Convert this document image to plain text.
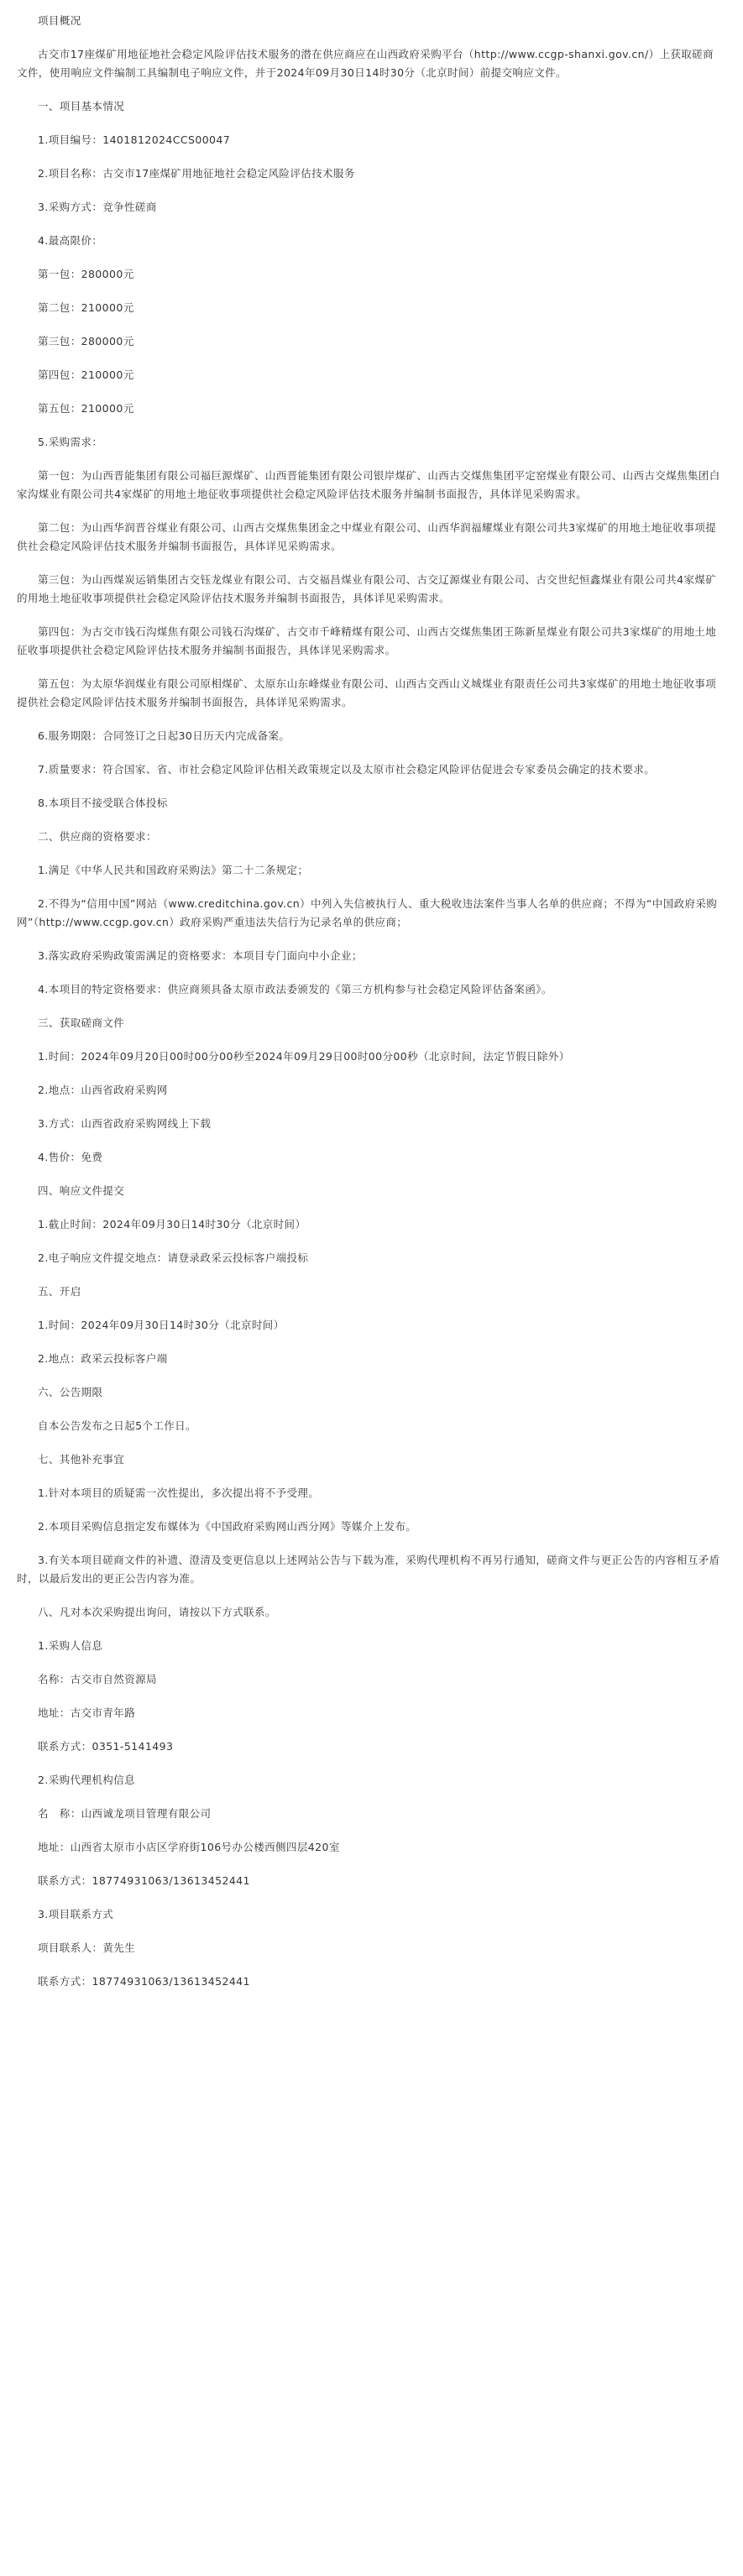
项目概况

古交市17座煤矿用地征地社会稳定风险评估技术服务的潜在供应商应在山西政府采购平台（http://www.ccgp-shanxi.gov.cn/）上获取磋商文件，使用响应文件编制工具编制电子响应文件，并于2024年09月30日14时30分（北京时间）前提交响应文件。

一、项目基本情况

1.项目编号：1401812024CCS00047

2.项目名称：古交市17座煤矿用地征地社会稳定风险评估技术服务

3.采购方式：竞争性磋商

4.最高限价：

第一包：280000元

第二包：210000元

第三包：280000元

第四包：210000元

第五包：210000元

5.采购需求：

第一包：为山西晋能集团有限公司福巨源煤矿、山西晋能集团有限公司银岸煤矿、山西古交煤焦集团平定窑煤业有限公司、山西古交煤焦集团白家沟煤业有限公司共4家煤矿的用地土地征收事项提供社会稳定风险评估技术服务并编制书面报告，具体详见采购需求。

第二包：为山西华润晋谷煤业有限公司、山西古交煤焦集团金之中煤业有限公司、山西华润福耀煤业有限公司共3家煤矿的用地土地征收事项提供社会稳定风险评估技术服务并编制书面报告，具体详见采购需求。

第三包：为山西煤炭运销集团古交钰龙煤业有限公司、古交福昌煤业有限公司、古交辽源煤业有限公司、古交世纪恒鑫煤业有限公司共4家煤矿的用地土地征收事项提供社会稳定风险评估技术服务并编制书面报告，具体详见采购需求。

第四包：为古交市钱石沟煤焦有限公司钱石沟煤矿、古交市千峰精煤有限公司、山西古交煤焦集团王陈新星煤业有限公司共3家煤矿的用地土地征收事项提供社会稳定风险评估技术服务并编制书面报告，具体详见采购需求。

第五包：为太原华润煤业有限公司原相煤矿、太原东山东峰煤业有限公司、山西古交西山义城煤业有限责任公司共3家煤矿的用地土地征收事项提供社会稳定风险评估技术服务并编制书面报告，具体详见采购需求。

6.服务期限：合同签订之日起30日历天内完成备案。

7.质量要求：符合国家、省、市社会稳定风险评估相关政策规定以及太原市社会稳定风险评估促进会专家委员会确定的技术要求。

8.本项目不接受联合体投标

二、供应商的资格要求：

1.满足《中华人民共和国政府采购法》第二十二条规定；

2.不得为“信用中国”网站（www.creditchina.gov.cn）中列入失信被执行人、重大税收违法案件当事人名单的供应商；不得为“中国政府采购网”（http://www.ccgp.gov.cn）政府采购严重违法失信行为记录名单的供应商；

3.落实政府采购政策需满足的资格要求：本项目专门面向中小企业；

4.本项目的特定资格要求：供应商须具备太原市政法委颁发的《第三方机构参与社会稳定风险评估备案函》。

三、获取磋商文件

1.时间：2024年09月20日00时00分00秒至2024年09月29日00时00分00秒（北京时间，法定节假日除外）

2.地点：山西省政府采购网

3.方式：山西省政府采购网线上下载

4.售价：免费

四、响应文件提交

1.截止时间：2024年09月30日14时30分（北京时间）

2.电子响应文件提交地点：请登录政采云投标客户端投标

五、开启

1.时间：2024年09月30日14时30分（北京时间）

2.地点：政采云投标客户端

六、公告期限

自本公告发布之日起5个工作日。

七、其他补充事宜

1.针对本项目的质疑需一次性提出，多次提出将不予受理。

2.本项目采购信息指定发布媒体为《中国政府采购网山西分网》等媒介上发布。

3.有关本项目磋商文件的补遗、澄清及变更信息以上述网站公告与下载为准，采购代理机构不再另行通知，磋商文件与更正公告的内容相互矛盾时，以最后发出的更正公告内容为准。

八、凡对本次采购提出询问，请按以下方式联系。

1.采购人信息

名称：古交市自然资源局

地址：古交市青年路

联系方式：0351-5141493

2.采购代理机构信息

名　称：山西诚龙项目管理有限公司

地址：山西省太原市小店区学府街106号办公楼西侧四层420室

联系方式：18774931063/13613452441

3.项目联系方式

项目联系人：黄先生

联系方式：18774931063/13613452441
